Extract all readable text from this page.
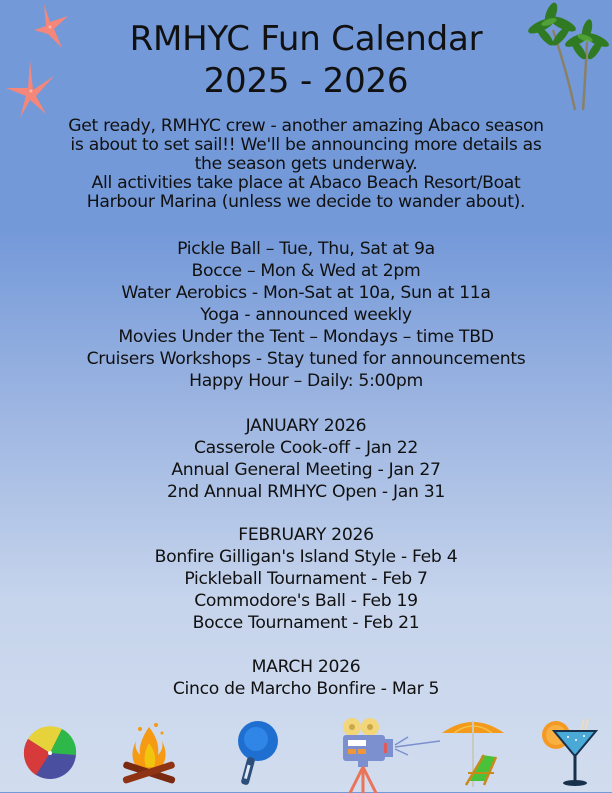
RMHYC Fun Calendar
2025 - 2026
Get ready, RMHYC crew - another amazing Abaco season
is about to set sail!! We'll be announcing more details as
the season gets underway.
All activities take place at Abaco Beach Resort/Boat
Harbour Marina (unless we decide to wander about).
Pickle Ball – Tue, Thu, Sat at 9a
Bocce – Mon & Wed at 2pm
Water Aerobics - Mon-Sat at 10a, Sun at 11a
Yoga - announced weekly
Movies Under the Tent – Mondays – time TBD
Cruisers Workshops - Stay tuned for announcements
Happy Hour – Daily: 5:00pm
JANUARY 2026
Casserole Cook-off - Jan 22
Annual General Meeting - Jan 27
2nd Annual RMHYC Open - Jan 31
FEBRUARY 2026
Bonfire Gilligan's Island Style - Feb 4
Pickleball Tournament - Feb 7
Commodore's Ball - Feb 19
Bocce Tournament - Feb 21
MARCH 2026
Cinco de Marcho Bonfire - Mar 5
